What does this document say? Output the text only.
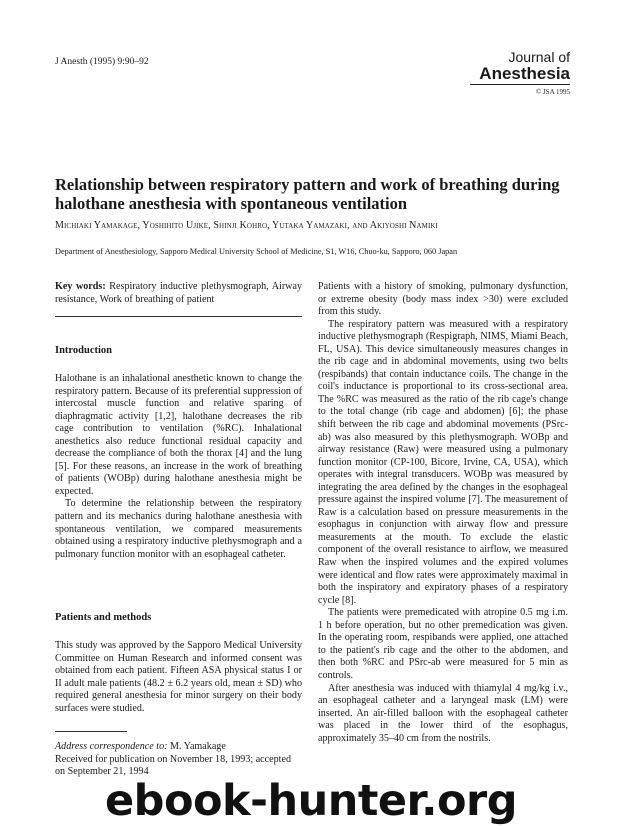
J Anesth (1995) 9:90–92	Journal of
Anesthesia
© JSA 1995
Relationship between respiratory pattern and work of breathing during halothane anesthesia with spontaneous ventilation
Michiaki Yamakage, Yoshihito Ujike, Shinji Kohro, Yutaka Yamazaki, and Akiyoshi Namiki
Department of Anesthesiology, Sapporo Medical University School of Medicine, S1, W16, Chuo-ku, Sapporo, 060 Japan

Key words: Respiratory inductive plethysmograph, Airway resistance, Work of breathing of patient

Introduction

Halothane is an inhalational anesthetic known to change the respiratory pattern. Because of its preferential suppression of intercostal muscle function and relative sparing of diaphragmatic activity [1,2], halothane decreases the rib cage contribution to ventilation (%RC). Inhalational anesthetics also reduce functional residual capacity and decrease the compliance of both the thorax [4] and the lung [5]. For these reasons, an increase in the work of breathing of patients (WOBp) during halothane anesthesia might be expected.

To determine the relationship between the respiratory pattern and its mechanics during halothane anesthesia with spontaneous ventilation, we compared measurements obtained using a respiratory inductive plethysmograph and a pulmonary function monitor with an esophageal catheter.

Patients and methods

This study was approved by the Sapporo Medical University Committee on Human Research and informed consent was obtained from each patient. Fifteen ASA physical status I or II adult male patients (48.2 ± 6.2 years old, mean ± SD) who required general anesthesia for minor surgery on their body surfaces were studied.

Address correspondence to: M. Yamakage

Received for publication on November 18, 1993; accepted on September 21, 1994

Patients with a history of smoking, pulmonary dysfunction, or extreme obesity (body mass index >30) were excluded from this study.

The respiratory pattern was measured with a respiratory inductive plethysmograph (Respigraph, NIMS, Miami Beach, FL, USA). This device simultaneously measures changes in the rib cage and in abdominal movements, using two belts (respibands) that contain inductance coils. The change in the coil's inductance is proportional to its cross-sectional area. The %RC was measured as the ratio of the rib cage's change to the total change (rib cage and abdomen) [6]; the phase shift between the rib cage and abdominal movements (PSrc-ab) was also measured by this plethysmograph. WOBp and airway resistance (Raw) were measured using a pulmonary function monitor (CP-100, Bicore, Irvine, CA, USA), which operates with integral transducers. WOBp was measured by integrating the area defined by the changes in the esophageal pressure against the inspired volume [7]. The measurement of Raw is a calculation based on pressure measurements in the esophagus in conjunction with airway flow and pressure measurements at the mouth. To exclude the elastic component of the overall resistance to airflow, we measured Raw when the inspired volumes and the expired volumes were identical and flow rates were approximately maximal in both the inspiratory and expiratory phases of a respiratory cycle [8].

The patients were premedicated with atropine 0.5 mg i.m. 1 h before operation, but no other premedication was given. In the operating room, respibands were applied, one attached to the patient's rib cage and the other to the abdomen, and then both %RC and PSrc-ab were measured for 5 min as controls.

After anesthesia was induced with thiamylal 4 mg/kg i.v., an esophageal catheter and a laryngeal mask (LM) were inserted. An air-filled balloon with the esophageal catheter was placed in the lower third of the esophagus, approximately 35–40 cm from the nostrils.

ebook-hunter.org
